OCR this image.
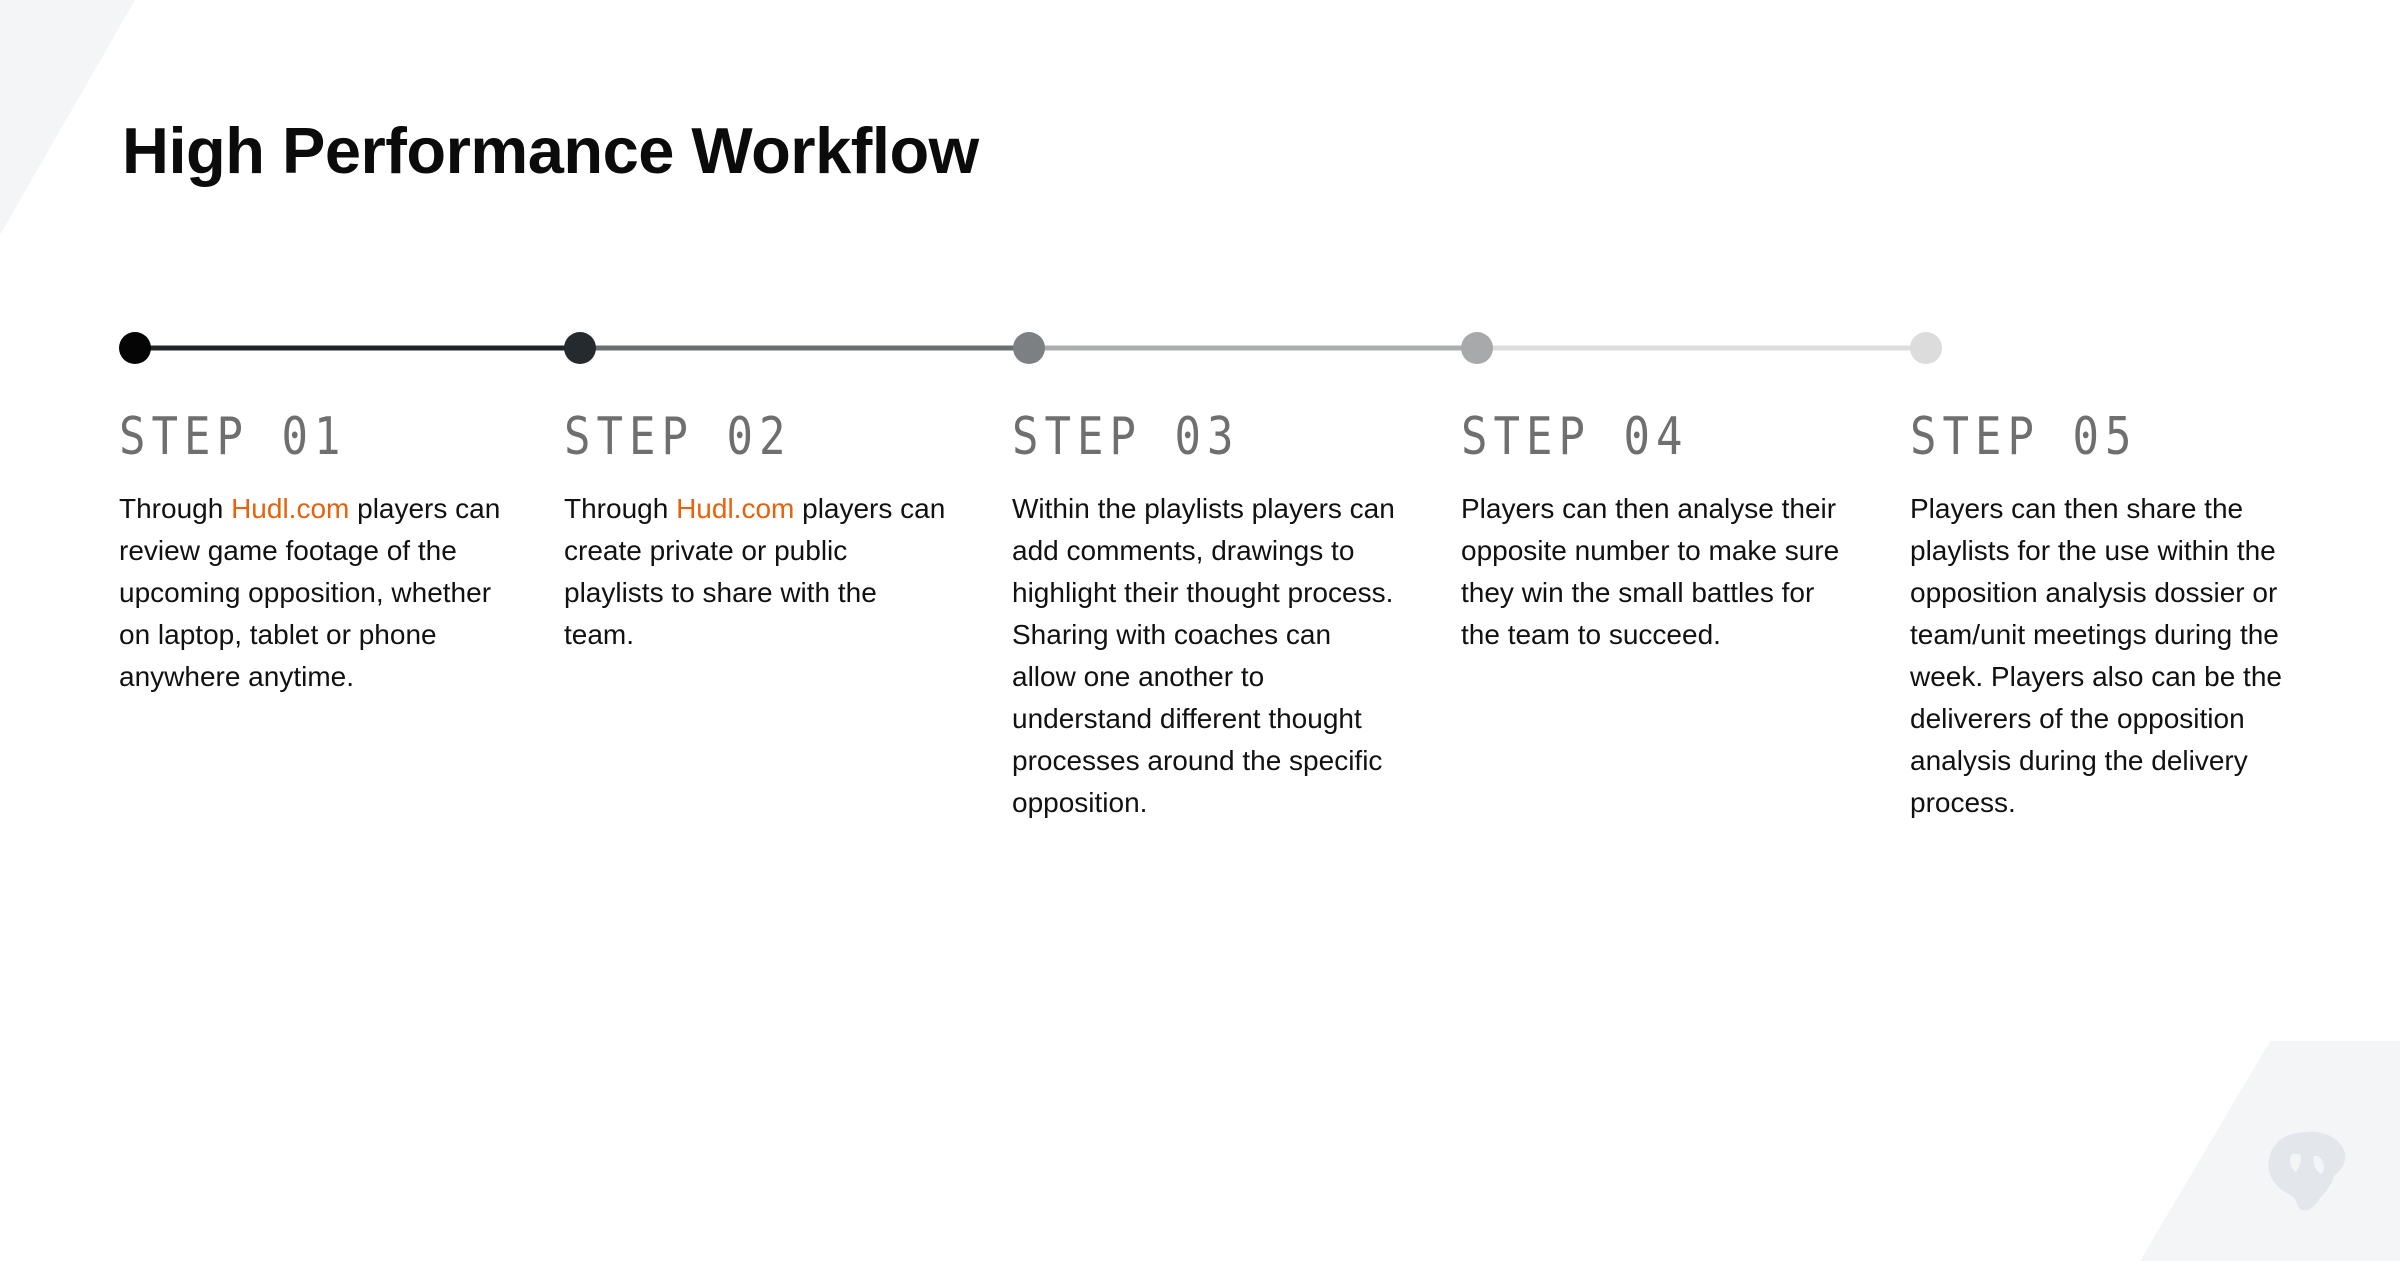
High Performance Workflow
STEP 01
Through Hudl.com players can review game footage of the upcoming opposition, whether on laptop, tablet or phone anywhere anytime.
STEP 02
Through Hudl.com players can create private or public playlists to share with the team.
STEP 03
Within the playlists players can add comments, drawings to highlight their thought process. Sharing with coaches can allow one another to understand different thought processes around the specific opposition.
STEP 04
Players can then analyse their opposite number to make sure they win the small battles for the team to succeed.
STEP 05
Players can then share the playlists for the use within the opposition analysis dossier or team/unit meetings during the week. Players also can be the deliverers of the opposition analysis during the delivery process.
